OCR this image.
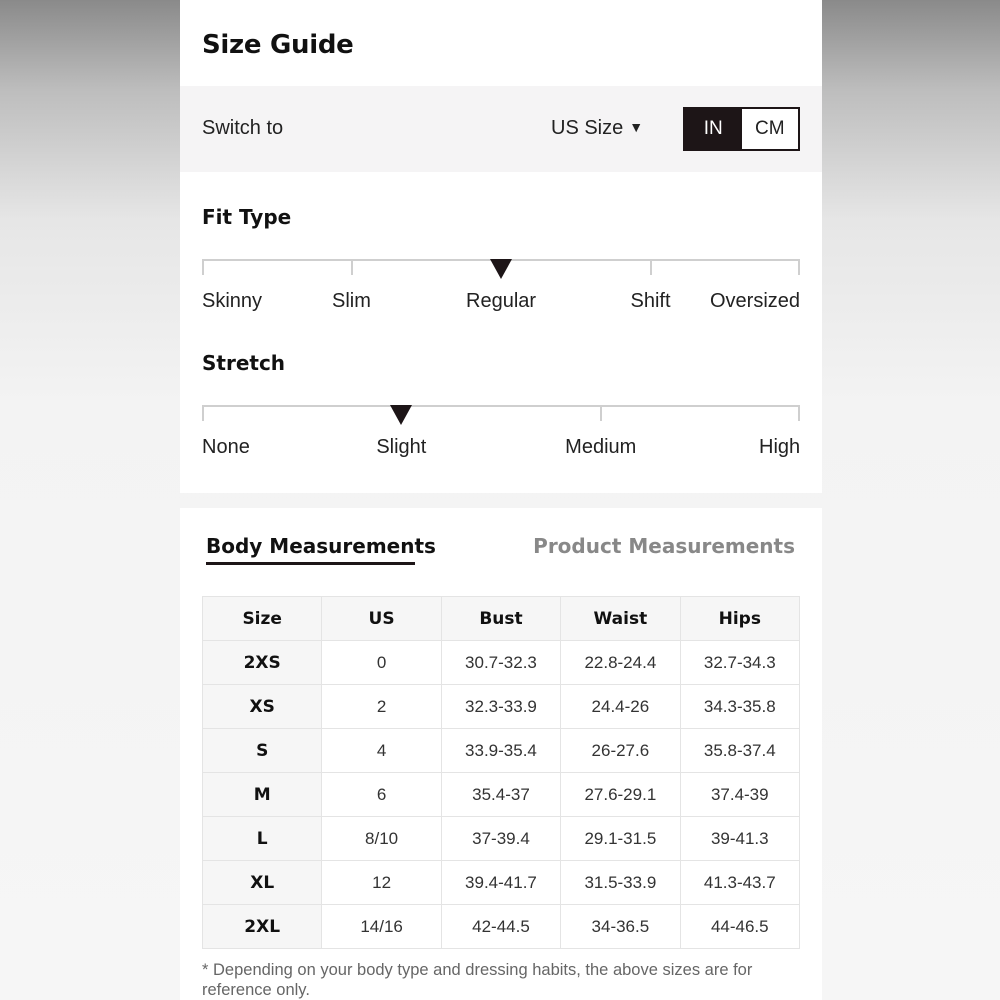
Size Guide
Switch to	US Size ▼	IN	CM
Fit Type
Skinny	Slim	Regular	Shift Oversized
Stretch
None	Slight	Medium	High
Body Measurements	Product Measurements
Size	US	Bust	Waist	Hips
2XS	0	30.7-32.3	22.8-24.4	32.7-34.3
XS	2	32.3-33.9	24.4-26	34.3-35.8
S	4	33.9-35.4	26-27.6	35.8-37.4
M	6	35.4-37	27.6-29.1	37.4-39
L	8/10	37-39.4	29.1-31.5	39-41.3
XL	12	39.4-41.7	31.5-33.9	41.3-43.7
2XL	14/16	42-44.5	34-36.5	44-46.5
* Depending on your body type and dressing habits, the above sizes are for reference only.
